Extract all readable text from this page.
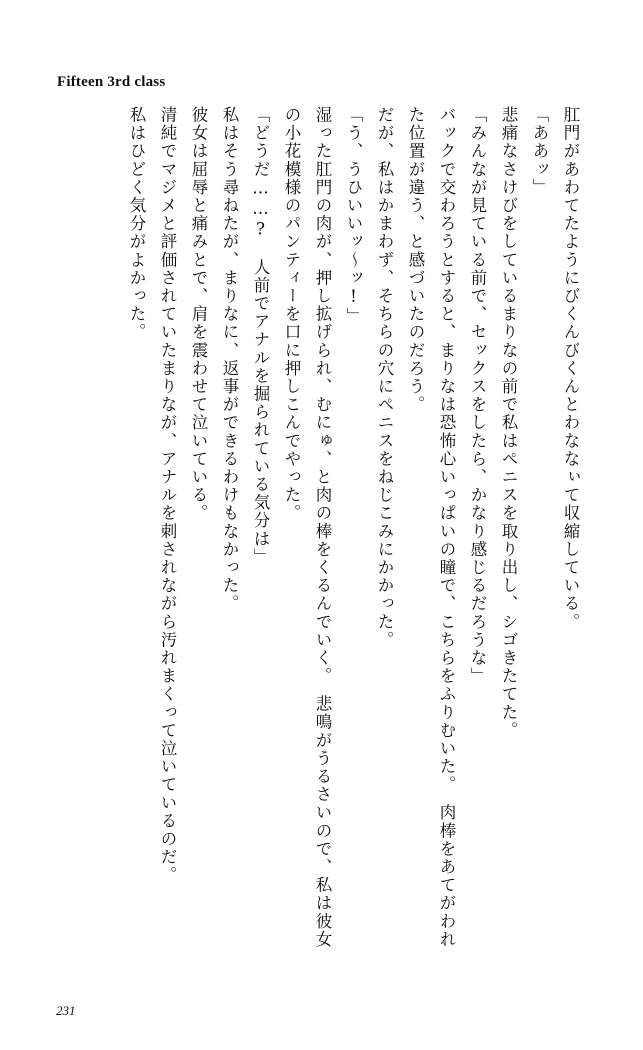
Fifteen 3rd class

肛門があわてたようにびくんびくんとわななぃて収縮している。

「ああッ」

悲痛なさけびをしているまりなの前で私はペニスを取り出し、シゴきたてた。

「みんなが見ている前で、セックスをしたら、かなり感じるだろうな」

バックで交わろうとすると、まりなは恐怖心いっぱいの瞳で、こちらをふりむいた。　肉棒をあてがわれた位置が違う、と感づいたのだろう。

だが、私はかまわず、そちらの穴にペニスをねじこみにかかった。

「う、うひいいッ～ッ!」

湿った肛門の肉が、押し拡げられ、むにゅ、と肉の棒をくるんでいく。　悲鳴がうるさいので、私は彼女の小花模様のパンティーを口に押しこんでやった。

「どうだ……?　人前でアナルを掘られている気分は」

私はそう尋ねたが、まりなに、返事ができるわけもなかった。

彼女は屈辱と痛みとで、肩を震わせて泣いている。

清純でマジメと評価されていたまりなが、アナルを刺されながら汚れまくって泣いているのだ。

私はひどく気分がよかった。

231
